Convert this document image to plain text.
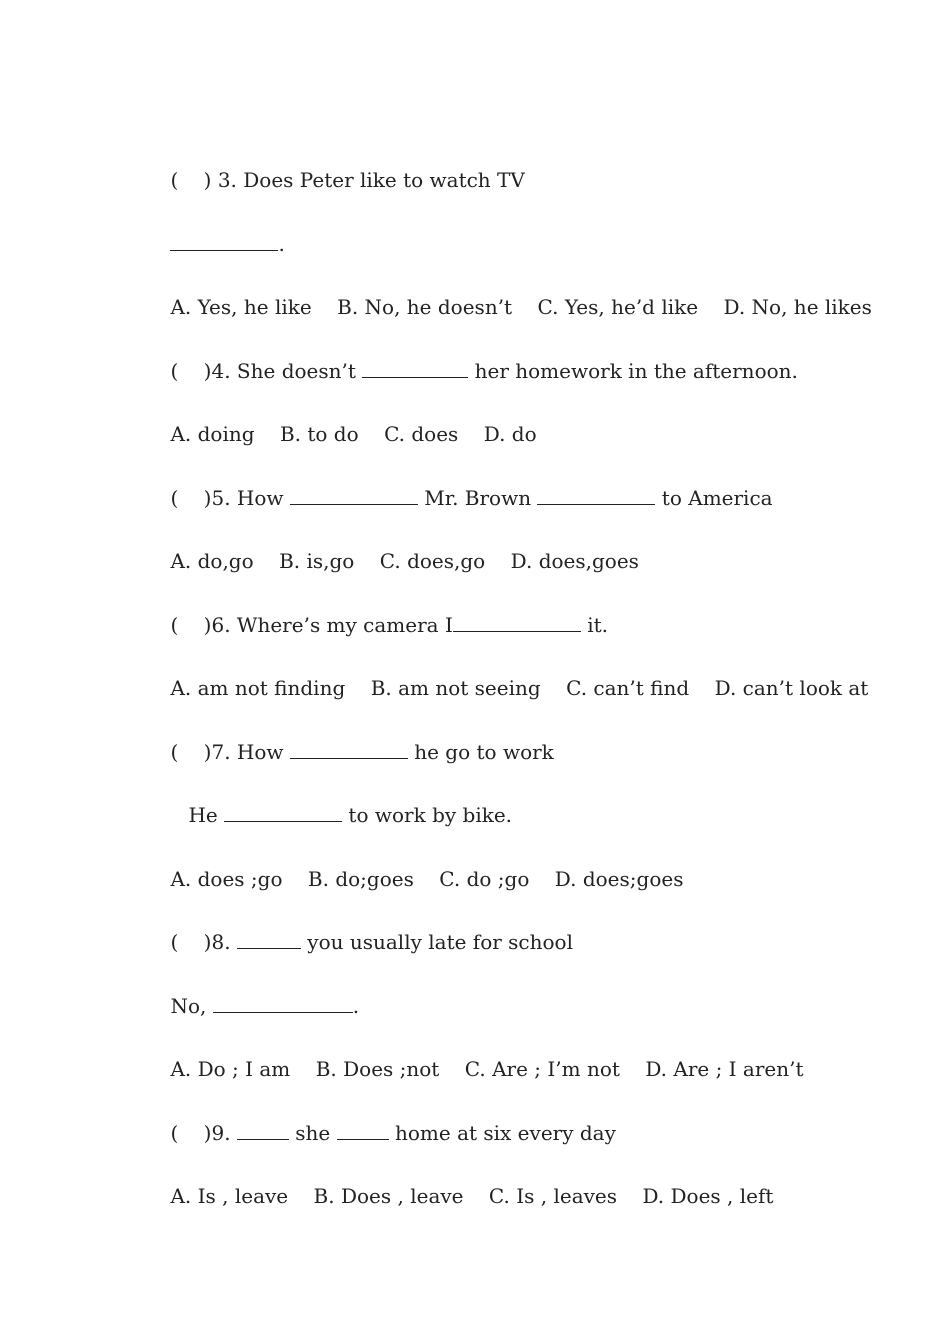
(    ) 3. Does Peter like to watch TV

.

A. Yes, he like    B. No, he doesn’t    C. Yes, he’d like    D. No, he likes

(    )4. She doesn’t	her homework in the afternoon.

A. doing    B. to do    C. does    D. do

(    )5. How	Mr. Brown	to America

A. do,go    B. is,go    C. does,go    D. does,goes

(    )6. Where’s my camera I	it.

A. am not finding    B. am not seeing    C. can’t find    D. can’t look at

(    )7. How	he go to work

He	to work by bike.

A. does ;go    B. do;goes    C. do ;go    D. does;goes

(    )8.	you usually late for school

No,	.

A. Do ; I am    B. Does ;not    C. Are ; I’m not    D. Are ; I aren’t

(    )9.	she	home at six every day

A. Is , leave    B. Does , leave    C. Is , leaves    D. Does , left
